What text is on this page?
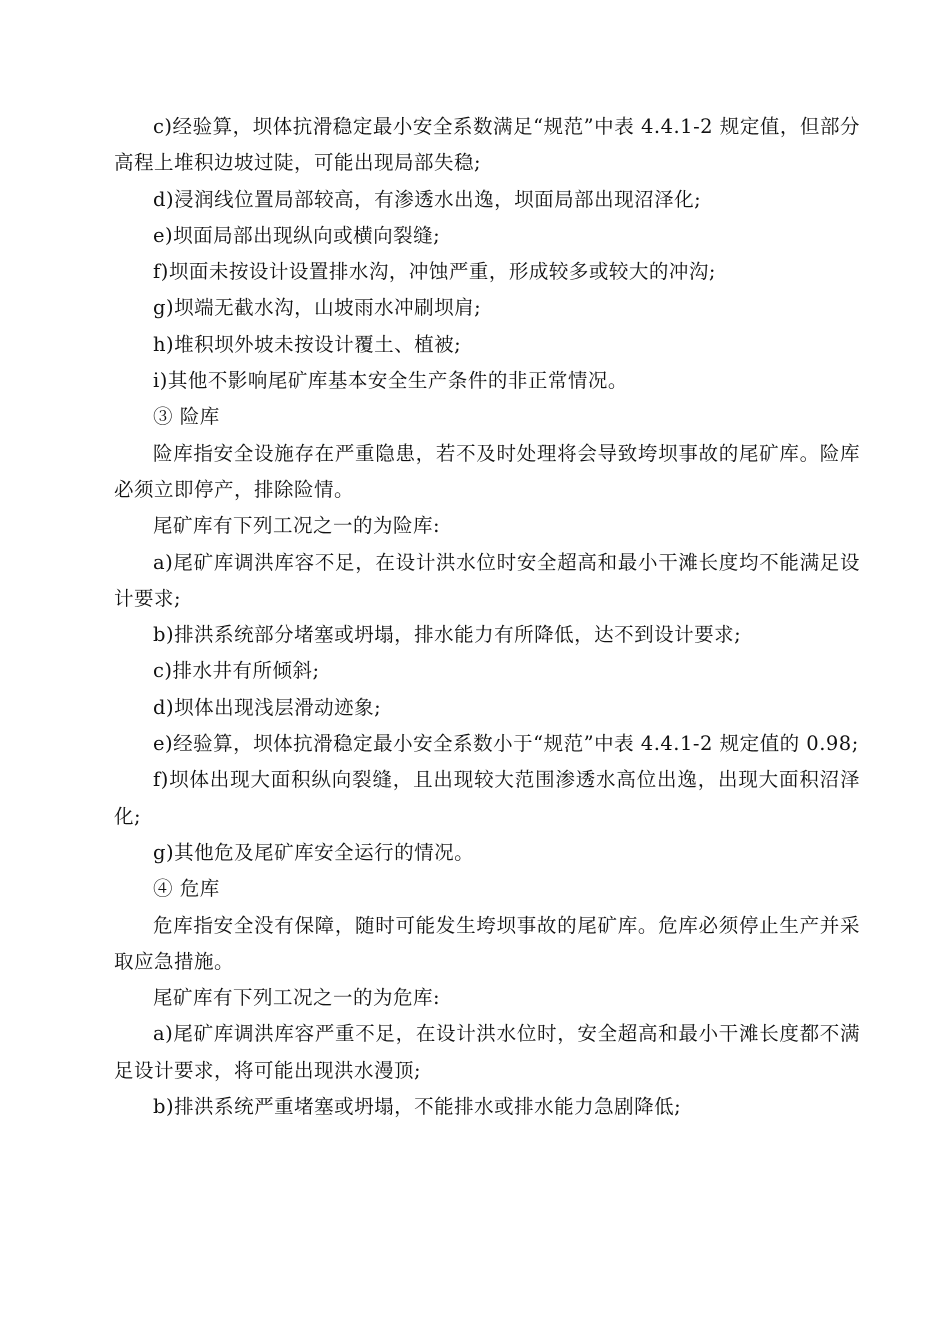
c)经验算，坝体抗滑稳定最小安全系数满足“规范”中表 4.4.1-2 规定值，但部分高程上堆积边坡过陡，可能出现局部失稳;

d)浸润线位置局部较高，有渗透水出逸，坝面局部出现沼泽化;

e)坝面局部出现纵向或横向裂缝;

f)坝面未按设计设置排水沟，冲蚀严重，形成较多或较大的冲沟;

g)坝端无截水沟，山坡雨水冲刷坝肩;

h)堆积坝外坡未按设计覆土、植被;

i)其他不影响尾矿库基本安全生产条件的非正常情况。

③ 险库

险库指安全设施存在严重隐患，若不及时处理将会导致垮坝事故的尾矿库。险库必须立即停产，排除险情。

尾矿库有下列工况之一的为险库:

a)尾矿库调洪库容不足，在设计洪水位时安全超高和最小干滩长度均不能满足设计要求;

b)排洪系统部分堵塞或坍塌，排水能力有所降低，达不到设计要求;

c)排水井有所倾斜;

d)坝体出现浅层滑动迹象;

e)经验算，坝体抗滑稳定最小安全系数小于“规范”中表 4.4.1-2 规定值的 0.98;

f)坝体出现大面积纵向裂缝，且出现较大范围渗透水高位出逸，出现大面积沼泽化;

g)其他危及尾矿库安全运行的情况。

④ 危库

危库指安全没有保障，随时可能发生垮坝事故的尾矿库。危库必须停止生产并采取应急措施。

尾矿库有下列工况之一的为危库:

a)尾矿库调洪库容严重不足，在设计洪水位时，安全超高和最小干滩长度都不满足设计要求，将可能出现洪水漫顶;

b)排洪系统严重堵塞或坍塌，不能排水或排水能力急剧降低;
